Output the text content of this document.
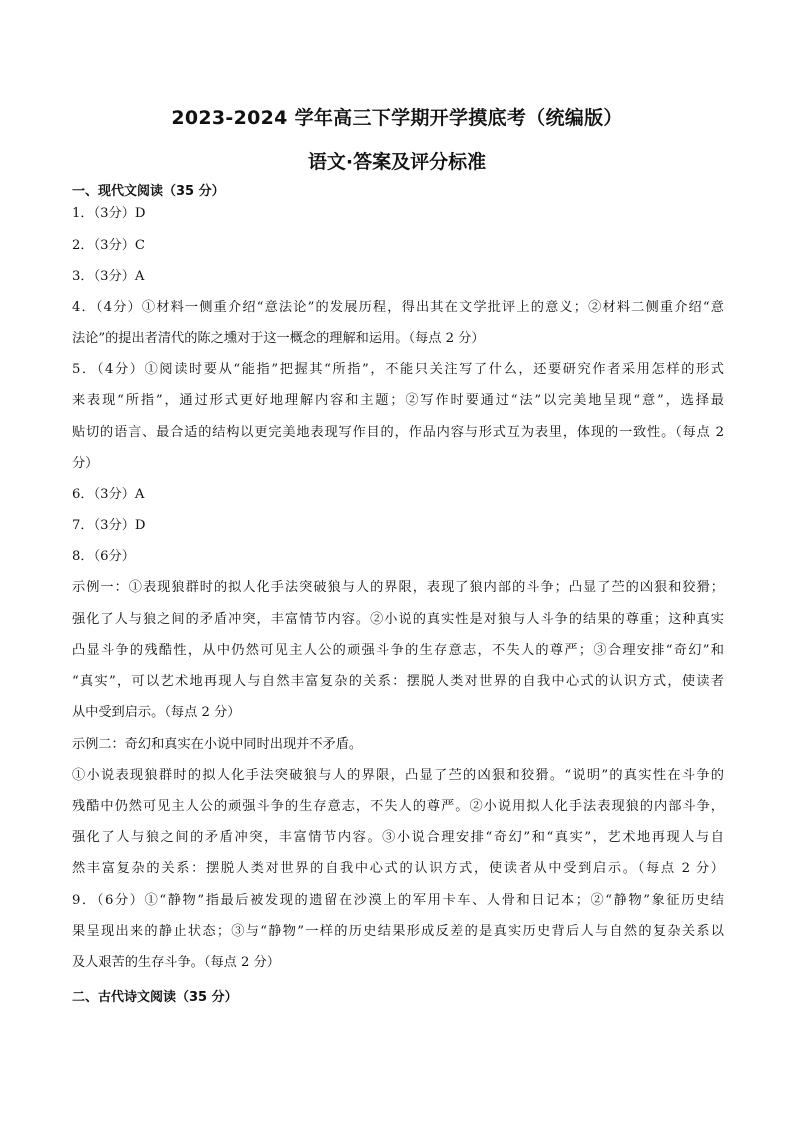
2023-2024 学年高三下学期开学摸底考（统编版）
语文·答案及评分标准
一、现代文阅读（35 分）
1．（3分）D
2．（3分）C
3．（3分）A
4．（4分）①材料一侧重介绍“意法论”的发展历程，得出其在文学批评上的意义；②材料二侧重介绍“意
法论”的提出者清代的陈之壎对于这一概念的理解和运用。（每点 2 分）
5．（4分）①阅读时要从“能指”把握其“所指”，不能只关注写了什么，还要研究作者采用怎样的形式
来表现“所指”，通过形式更好地理解内容和主题；②写作时要通过“法”以完美地呈现“意”，选择最
贴切的语言、最合适的结构以更完美地表现写作目的，作品内容与形式互为表里，体现的一致性。（每点 2
分）
6．（3分）A
7．（3分）D
8．（6分）
示例一：①表现狼群时的拟人化手法突破狼与人的界限，表现了狼内部的斗争；凸显了苎的凶狠和狡猾；
强化了人与狼之间的矛盾冲突，丰富情节内容。②小说的真实性是对狼与人斗争的结果的尊重；这种真实
凸显斗争的残酷性，从中仍然可见主人公的顽强斗争的生存意志，不失人的尊严；③合理安排“奇幻”和
“真实”，可以艺术地再现人与自然丰富复杂的关系：摆脱人类对世界的自我中心式的认识方式，使读者
从中受到启示。（每点 2 分）
示例二：奇幻和真实在小说中同时出现并不矛盾。
①小说表现狼群时的拟人化手法突破狼与人的界限，凸显了苎的凶狠和狡猾。“说明”的真实性在斗争的
残酷中仍然可见主人公的顽强斗争的生存意志，不失人的尊严。②小说用拟人化手法表现狼的内部斗争，
强化了人与狼之间的矛盾冲突，丰富情节内容。③小说合理安排“奇幻”和“真实”，艺术地再现人与自
然丰富复杂的关系：摆脱人类对世界的自我中心式的认识方式，使读者从中受到启示。（每点 2 分）
9．（6分）①“静物”指最后被发现的遗留在沙漠上的军用卡车、人骨和日记本；②“静物”象征历史结
果呈现出来的静止状态；③与“静物”一样的历史结果形成反差的是真实历史背后人与自然的复杂关系以
及人艰苦的生存斗争。（每点 2 分）
二、古代诗文阅读（35 分）
